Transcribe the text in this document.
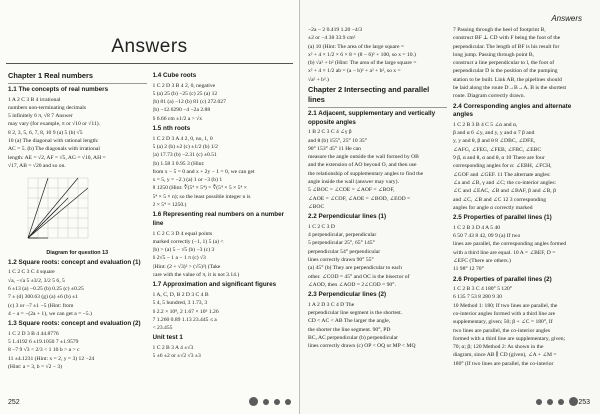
Answers
Chapter 1 Real numbers
1.1 The concepts of real numbers
1 A 2 C 3 B 4 irrational
numbers non-terminating decimals
5 infinitely 6 π, √8 7 Answer
may vary (for example, π or √10 or √11).
8 2, 3, 5, 6, 7, 8, 10 9 (a) 5 (b) √5
10 (a) The diagonal with rational length:
AC = 5. (b) The diagonals with irrational
length: AE = √2, AF = √5, AG = √10, AH =
√17, AB = √20 and so on.
Diagram for question 13
1.2 Square roots: concept and evaluation (1)
1 C 2 C 3 C 4 square
√a, −√a 5 ±3/2, 3/2 5 6, 5
6 ±13 (a) −0.25 (b) 0.25 (c) ±0.25
7 ± (d) 300.63 (g) (a) ±6 (b) ±1
(c) 3 or −7 ±1 −5 (Hint: from
4 − a = −(2a + 1), we can get a = −5.)
1.3 Square roots: concept and evaluation (2)
1 C 2 D 3 B 4 44.8776
5 1.4192 6 ±19.1050 7 ±1.9579
8 −7 9 √3 < 2/3 < 1 10 b > a > c
11 ±4.1231 (Hint: x = 2, y = 3) 12 −24
(Hint: a = 3, b = √2 − 3)
1.4 Cube roots
1 C 2 D 3 B 4 2, 0, negative
5 (a) 25 (b) −25 (c) 25 (a) 12
(b) 81 (a) −12 (b) 81 (c) 272.027
(b) −12.6290 −4 −2a 2.88
6 6.66 cm ±1/2 a > √x
1.5 nth roots
1 C 2 D 3 A 4 2, 0, no, 1, 0
5 (a) 2 (b) ±2 (c) ±1/2 (b) 1/2
(a) 17.73 (b) −2.31 (c) ±0.51
(b) 1.58 3 0.95 3 (Hint:
from x − 5 = 0 and x + 2y − 1 = 0, we can get
x = 5, y = −2.) (a) 1 or −3 (b) 1
8 1250 (Hint: ∜(5⁴ × 5⁴) = ∜(5⁴ × 5 × 5⁴ ×
5⁴ × 5 × n); so the least possible integer n is
2 × 5⁴ = 1250.)
1.6 Representing real numbers on a number line
1 C 2 C 3 D 4 equal points
marked correctly (−1, 1) 5 (a) <
(b) > (a) 5 − √5 (b) −3 (c) 3
6 2√5 − 1 a − 1 π (c) √3
(Hint: (2 + √3)² > (√5)²) (Take
care with the value of π, it is not 3.14.)
1.7 Approximation and significant figures
1 A, C, D, B 2 D 3 C 4 B
5 4, 5 hundred, 3 1.73, 3
6 2.2 × 10⁸, 2 1.67 × 10⁵ 1.26
7 1.260 0.89 1.13 23.445 ≤ a
< 23.455
Unit test 1
1 C 2 B 3 A 4 ±√3
5 ±6 ±2 or ±√2 √3 ±3
252
Answers
−2a − 2 0.419 1.20 −4/3
±2 or −4 38 33.9 cm²
(a) 10 (Hint: The area of the large square =
x² + 4 × 1/2 × 6 × 8 = (8 − 6)² + 100, so x = 10.)
(b) √a² + b² (Hint: The area of the large square =
x² + 4 × 1/2 ab = (a − b)² + a² + b², so x =
√a² + b².)
Chapter 2 Intersecting and parallel lines
2.1 Adjacent, supplementary and vertically opposite angles
1 B 2 C 3 C 4 ∠γ β
and θ (b) 155°, 25° 10 35°
90° 153° 45° 11 He can
measure the angle outside the wall formed by OB
and the extension of AO beyond O, and then use
the relationship of supplementary angles to find the
angle inside the wall (answer may vary).
5 ∠BOC = ∠COE = ∠AOF = ∠BOF,
∠AOE = ∠COF, ∠AOE = ∠BOD, ∠EOD =
∠BOC
2.2 Perpendicular lines (1)
1 C 2 C 3 D
4 perpendicular, perpendicular
5 perpendicular 25°, 65° 145°
perpendicular 54° perpendicular
lines correctly drawn 90° 55°
(a) 45° (b) They are perpendicular to each
other. ∠COD = 45° and OC is the bisector of
∠AOD, then ∠AOD = 2∠COD = 90°.
2.3 Perpendicular lines (2)
1 A 2 D 3 C 4 D The
perpendicular line segment is the shortest.
CD < AC < AB The larger the angle,
the shorter the line segment. 90°, PD
BC, AC perpendicular (b) perpendicular
lines correctly drawn (c) OP < OQ or MP < MQ
7 Passing through the heel of footprint B,
construct BF ⊥ CD with F being the foot of the
perpendicular. The length of BF is his result for
long jump. Passing through point B,
construct a line perpendicular to l, the foot of
perpendicular D is the position of the pumping
station to be built. Link AB, the pipelines should
be laid along the route D→B→A. B is the shortest
route. Diagram correctly drawn.
2.4 Corresponding angles and alternate angles
1 C 2 B 3 B 4 C 5 ∠α and α,
β and α 6 ∠y, and y, y and α 7 β and
y, y and θ, β and θ 8 ∠DBC, ∠DFE,
∠AFG, ∠FEG, ∠FEB, ∠FBC, ∠EBC
9 β, α and θ, α and θ, α 10 There are four
corresponding angles for α: ∠EBH, ∠FCH,
∠GOF and ∠GEF. 11 The alternate angles:
∠a and ∠B, γ and ∠C; the co-interior angles:
∠C and ∠EAC, ∠B and ∠BAF, β and ∠B, β
and ∠C, ∠B and ∠C 12 3 corresponding
angles for angle α correctly marked
2.5 Properties of parallel lines (1)
1 C 2 B 3 D 4 A 5 40
6 50 7 43 8 42, 09 9 (a) If two
lines are parallel, the corresponding angles formed
with a third line are equal. 10 A = ∠BEF, D =
∠EFC (There are others.)
11 98° 12 70°
2.6 Properties of parallel lines (2)
1 C 2 B 3 C 4 180° 5 120°
6 135 7 53 8 280 9 30
10 Method 1: 180; If two lines are parallel, the
co-interior angles formed with a third line are
supplementary, given; 50; β + ∠C = 180°, If
two lines are parallel, the co-interior angles
formed with a third line are supplementary, given;
70; α; β; 120 Method 2: As shown in the
diagram, since AB ∥ CD (given), ∠A + ∠M =
180° (If two lines are parallel, the co-interior
253
